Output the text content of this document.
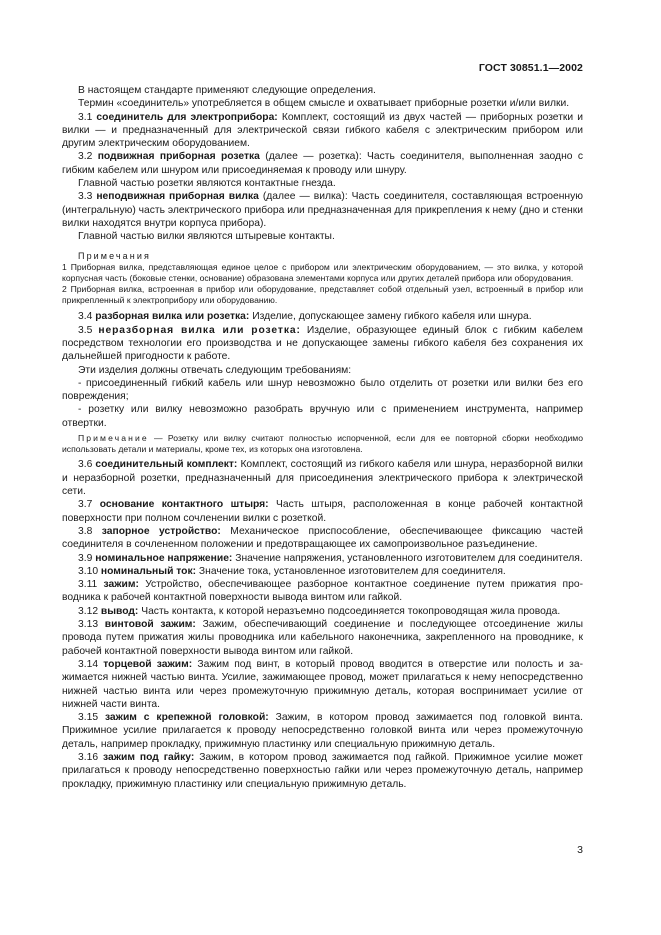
ГОСТ 30851.1—2002

В настоящем стандарте применяют следующие определения.

Термин «соединитель» употребляется в общем смысле и охватывает приборные розетки и/или вилки.

3.1 соединитель для электроприбора: Комплект, состоящий из двух частей — приборных розетки и вилки — и предназначенный для электрической связи гибкого кабеля с электрическим прибором или другим электрическим оборудованием.

3.2 подвижная приборная розетка (далее — розетка): Часть соединителя, выполненная заодно с гибким кабелем или шнуром или присоединяемая к проводу или шнуру.

Главной частью розетки являются контактные гнезда.

3.3 неподвижная приборная вилка (далее — вилка): Часть соединителя, составляющая встроенную (интегральную) часть электрического прибора или предназначенная для прикрепления к нему (дно и стенки вилки находятся внутри корпуса прибора).

Главной частью вилки являются штыревые контакты.

Примечания

1 Приборная вилка, представляющая единое целое с прибором или электрическим оборудованием, — это вилка, у которой корпусная часть (боковые стенки, основание) образована элементами корпуса или других деталей прибора или оборудования.

2 Приборная вилка, встроенная в прибор или оборудование, представляет собой отдельный узел, встроенный в прибор или прикрепленный к электроприбору или оборудованию.

3.4 разборная вилка или розетка: Изделие, допускающее замену гибкого кабеля или шнура.

3.5 неразборная вилка или розетка: Изделие, образующее единый блок с гибким кабелем посредством технологии его производства и не допускающее замены гибкого кабеля без сохранения их дальнейшей пригодности к работе.

Эти изделия должны отвечать следующим требованиям:

- присоединенный гибкий кабель или шнур невозможно было отделить от розетки или вилки без его повреждения;

- розетку или вилку невозможно разобрать вручную или с применением инструмента, например отвертки.

Примечание — Розетку или вилку считают полностью испорченной, если для ее повторной сборки необходимо использовать детали и материалы, кроме тех, из которых она изготовлена.

3.6 соединительный комплект: Комплект, состоящий из гибкого кабеля или шнура, неразборной вилки и неразборной розетки, предназначенный для присоединения электрического прибора к электрической сети.

3.7 основание контактного штыря: Часть штыря, расположенная в конце рабочей контактной поверхности при полном сочленении вилки с розеткой.

3.8 запорное устройство: Механическое приспособление, обеспечивающее фиксацию частей соединителя в сочлененном положении и предотвращающее их самопроизвольное разъединение.

3.9 номинальное напряжение: Значение напряжения, установленного изготовителем для соединителя.

3.10 номинальный ток: Значение тока, установленное изготовителем для соединителя.

3.11 зажим: Устройство, обеспечивающее разборное контактное соединение путем прижатия проводника к рабочей контактной поверхности вывода винтом или гайкой.

3.12 вывод: Часть контакта, к которой неразъемно подсоединяется токопроводящая жила провода.

3.13 винтовой зажим: Зажим, обеспечивающий соединение и последующее отсоединение жилы провода путем прижатия жилы проводника или кабельного наконечника, закрепленного на проводнике, к рабочей контактной поверхности вывода винтом или гайкой.

3.14 торцевой зажим: Зажим под винт, в который провод вводится в отверстие или полость и зажимается нижней частью винта. Усилие, зажимающее провод, может прилагаться к нему непосредственно нижней частью винта или через промежуточную прижимную деталь, которая воспринимает усилие от нижней части винта.

3.15 зажим с крепежной головкой: Зажим, в котором провод зажимается под головкой винта. Прижимное усилие прилагается к проводу непосредственно головкой винта или через промежуточную деталь, например прокладку, прижимную пластинку или специальную прижимную деталь.

3.16 зажим под гайку: Зажим, в котором провод зажимается под гайкой. Прижимное усилие может прилагаться к проводу непосредственно поверхностью гайки или через промежуточную деталь, например прокладку, прижимную пластинку или специальную прижимную деталь.

3
